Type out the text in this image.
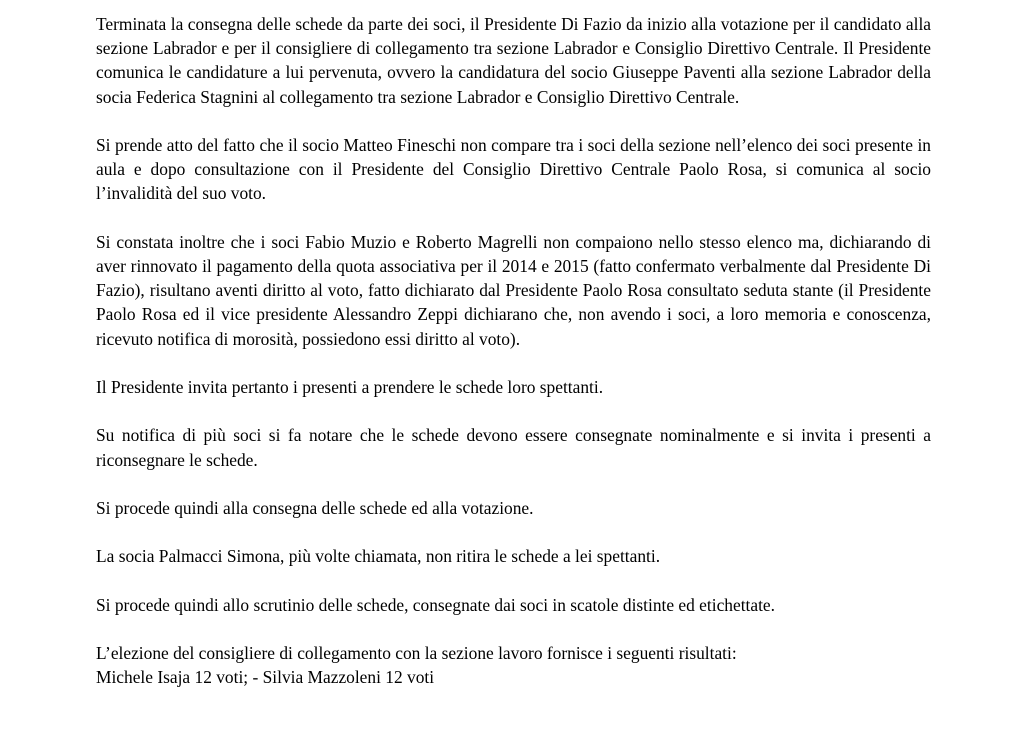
Terminata la consegna delle schede da parte dei soci, il Presidente Di Fazio da inizio alla votazione per il candidato alla sezione Labrador e per il consigliere di collegamento tra sezione Labrador e Consiglio Direttivo Centrale. Il Presidente comunica le candidature a lui pervenuta, ovvero la candidatura del socio Giuseppe Paventi alla sezione Labrador della socia Federica Stagnini al collegamento tra sezione Labrador e Consiglio Direttivo Centrale.

Si prende atto del fatto che il socio Matteo Fineschi non compare tra i soci della sezione nell’elenco dei soci presente in aula e dopo consultazione con il Presidente del Consiglio Direttivo Centrale Paolo Rosa, si comunica al socio l’invalidità del suo voto.

Si constata inoltre che i soci Fabio Muzio e Roberto Magrelli non compaiono nello stesso elenco ma, dichiarando di aver rinnovato il pagamento della quota associativa per il 2014 e 2015 (fatto confermato verbalmente dal Presidente Di Fazio), risultano aventi diritto al voto, fatto dichiarato dal Presidente Paolo Rosa consultato seduta stante (il Presidente Paolo Rosa ed il vice presidente Alessandro Zeppi dichiarano che, non avendo i soci, a loro memoria e conoscenza, ricevuto notifica di morosità, possiedono essi diritto al voto).

Il Presidente invita pertanto i presenti a prendere le schede loro spettanti.

Su notifica di più soci si fa notare che le schede devono essere consegnate nominalmente e si invita i presenti a riconsegnare le schede.

Si procede quindi alla consegna delle schede ed alla votazione.

La socia Palmacci Simona, più volte chiamata, non ritira le schede a lei spettanti.

Si procede quindi allo scrutinio delle schede, consegnate dai soci in scatole distinte ed etichettate.

L’elezione del consigliere di collegamento con la sezione lavoro fornisce i seguenti risultati:
Michele Isaja 12 voti; - Silvia Mazzoleni 12 voti
